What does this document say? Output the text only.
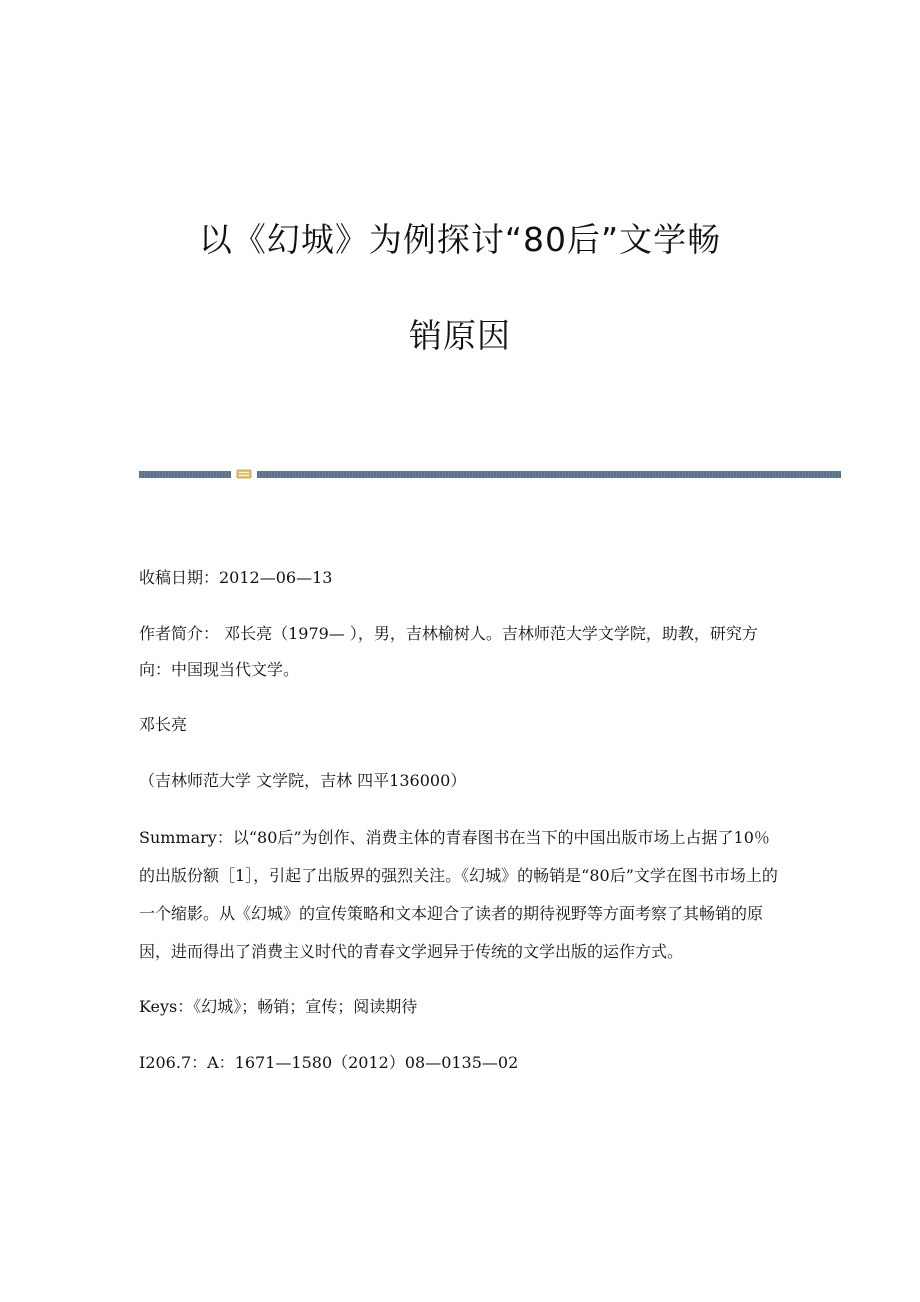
以《幻城》为例探讨“80后”文学畅

销原因

收稿日期：2012—06—13

作者简介： 邓长亮（1979— ），男，吉林榆树人。吉林师范大学文学院，助教，研究方向：中国现当代文学。

邓长亮

（吉林师范大学 文学院，吉林 四平136000）

Summary：以“80后”为创作、消费主体的青春图书在当下的中国出版市场上占据了10％的出版份额［1］，引起了出版界的强烈关注。《幻城》的畅销是“80后”文学在图书市场上的一个缩影。从《幻城》的宣传策略和文本迎合了读者的期待视野等方面考察了其畅销的原因，进而得出了消费主义时代的青春文学迥异于传统的文学出版的运作方式。

Keys：《幻城》；畅销；宣传；阅读期待

I206.7：A：1671—1580（2012）08—0135—02
